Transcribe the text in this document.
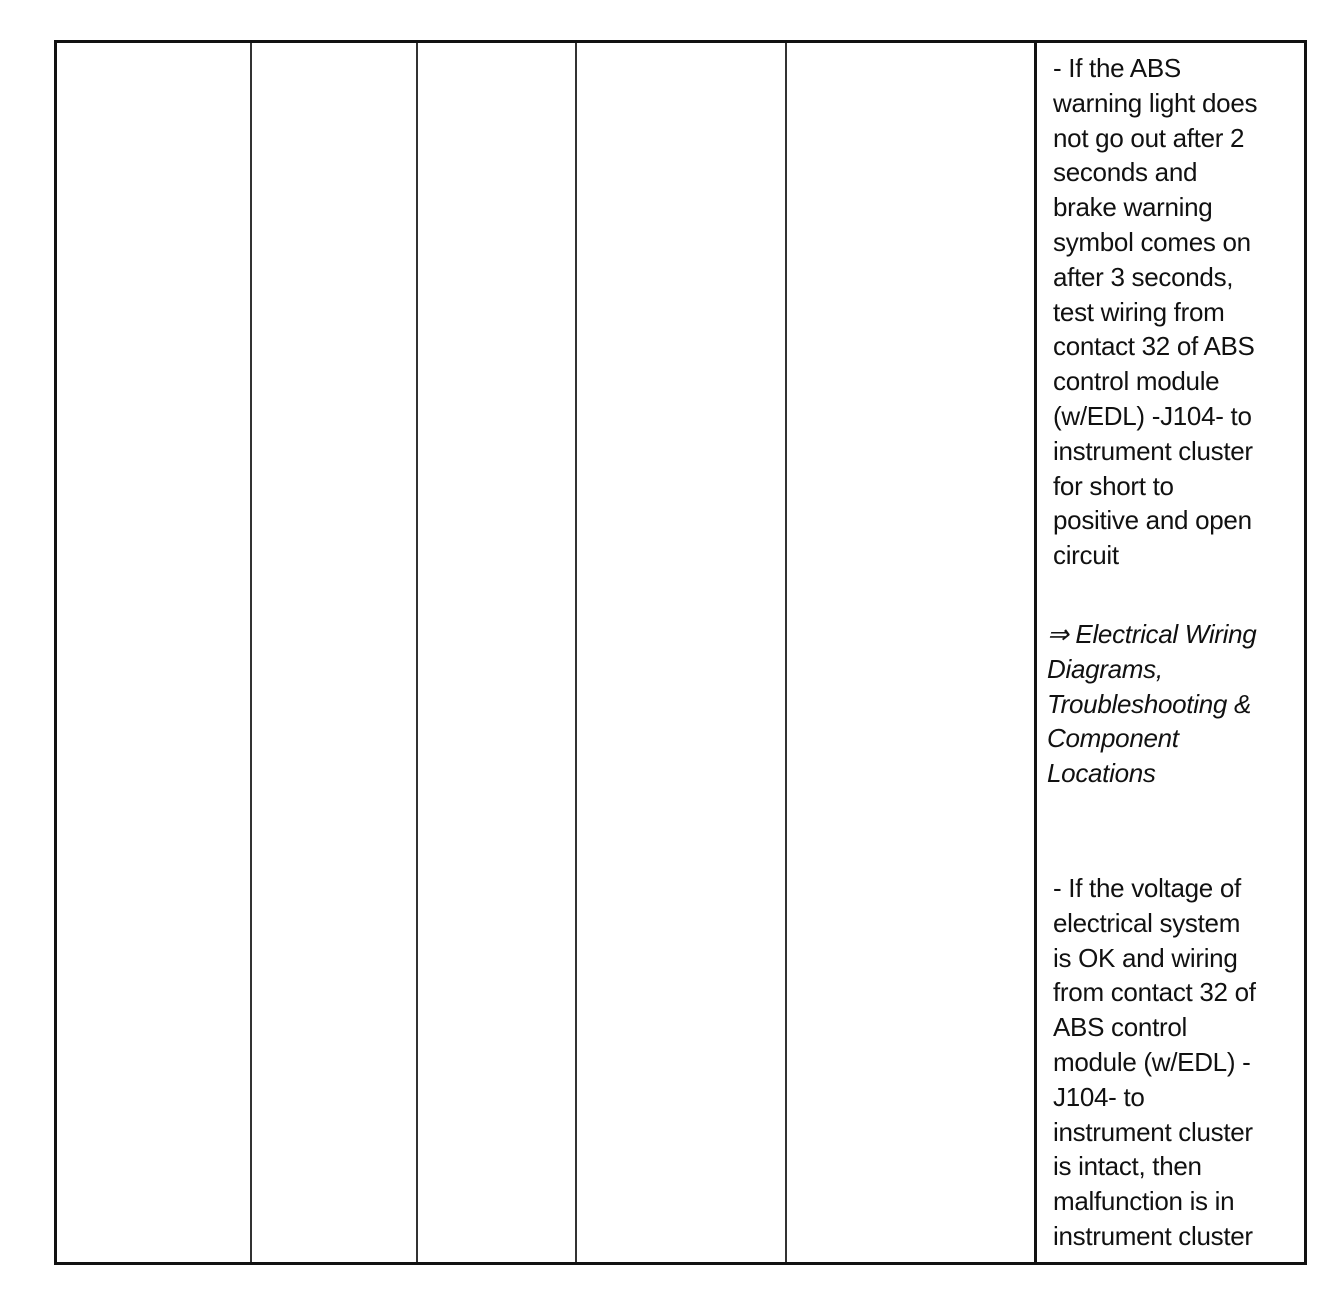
- If the ABS
warning light does
not go out after 2
seconds and
brake warning
symbol comes on
after 3 seconds,
test wiring from
contact 32 of ABS
control module
(w/EDL) -J104- to
instrument cluster
for short to
positive and open
circuit

⇒ Electrical Wiring
Diagrams,
Troubleshooting &
Component
Locations

- If the voltage of
electrical system
is OK and wiring
from contact 32 of
ABS control
module (w/EDL) -
J104- to
instrument cluster
is intact, then
malfunction is in
instrument cluster
